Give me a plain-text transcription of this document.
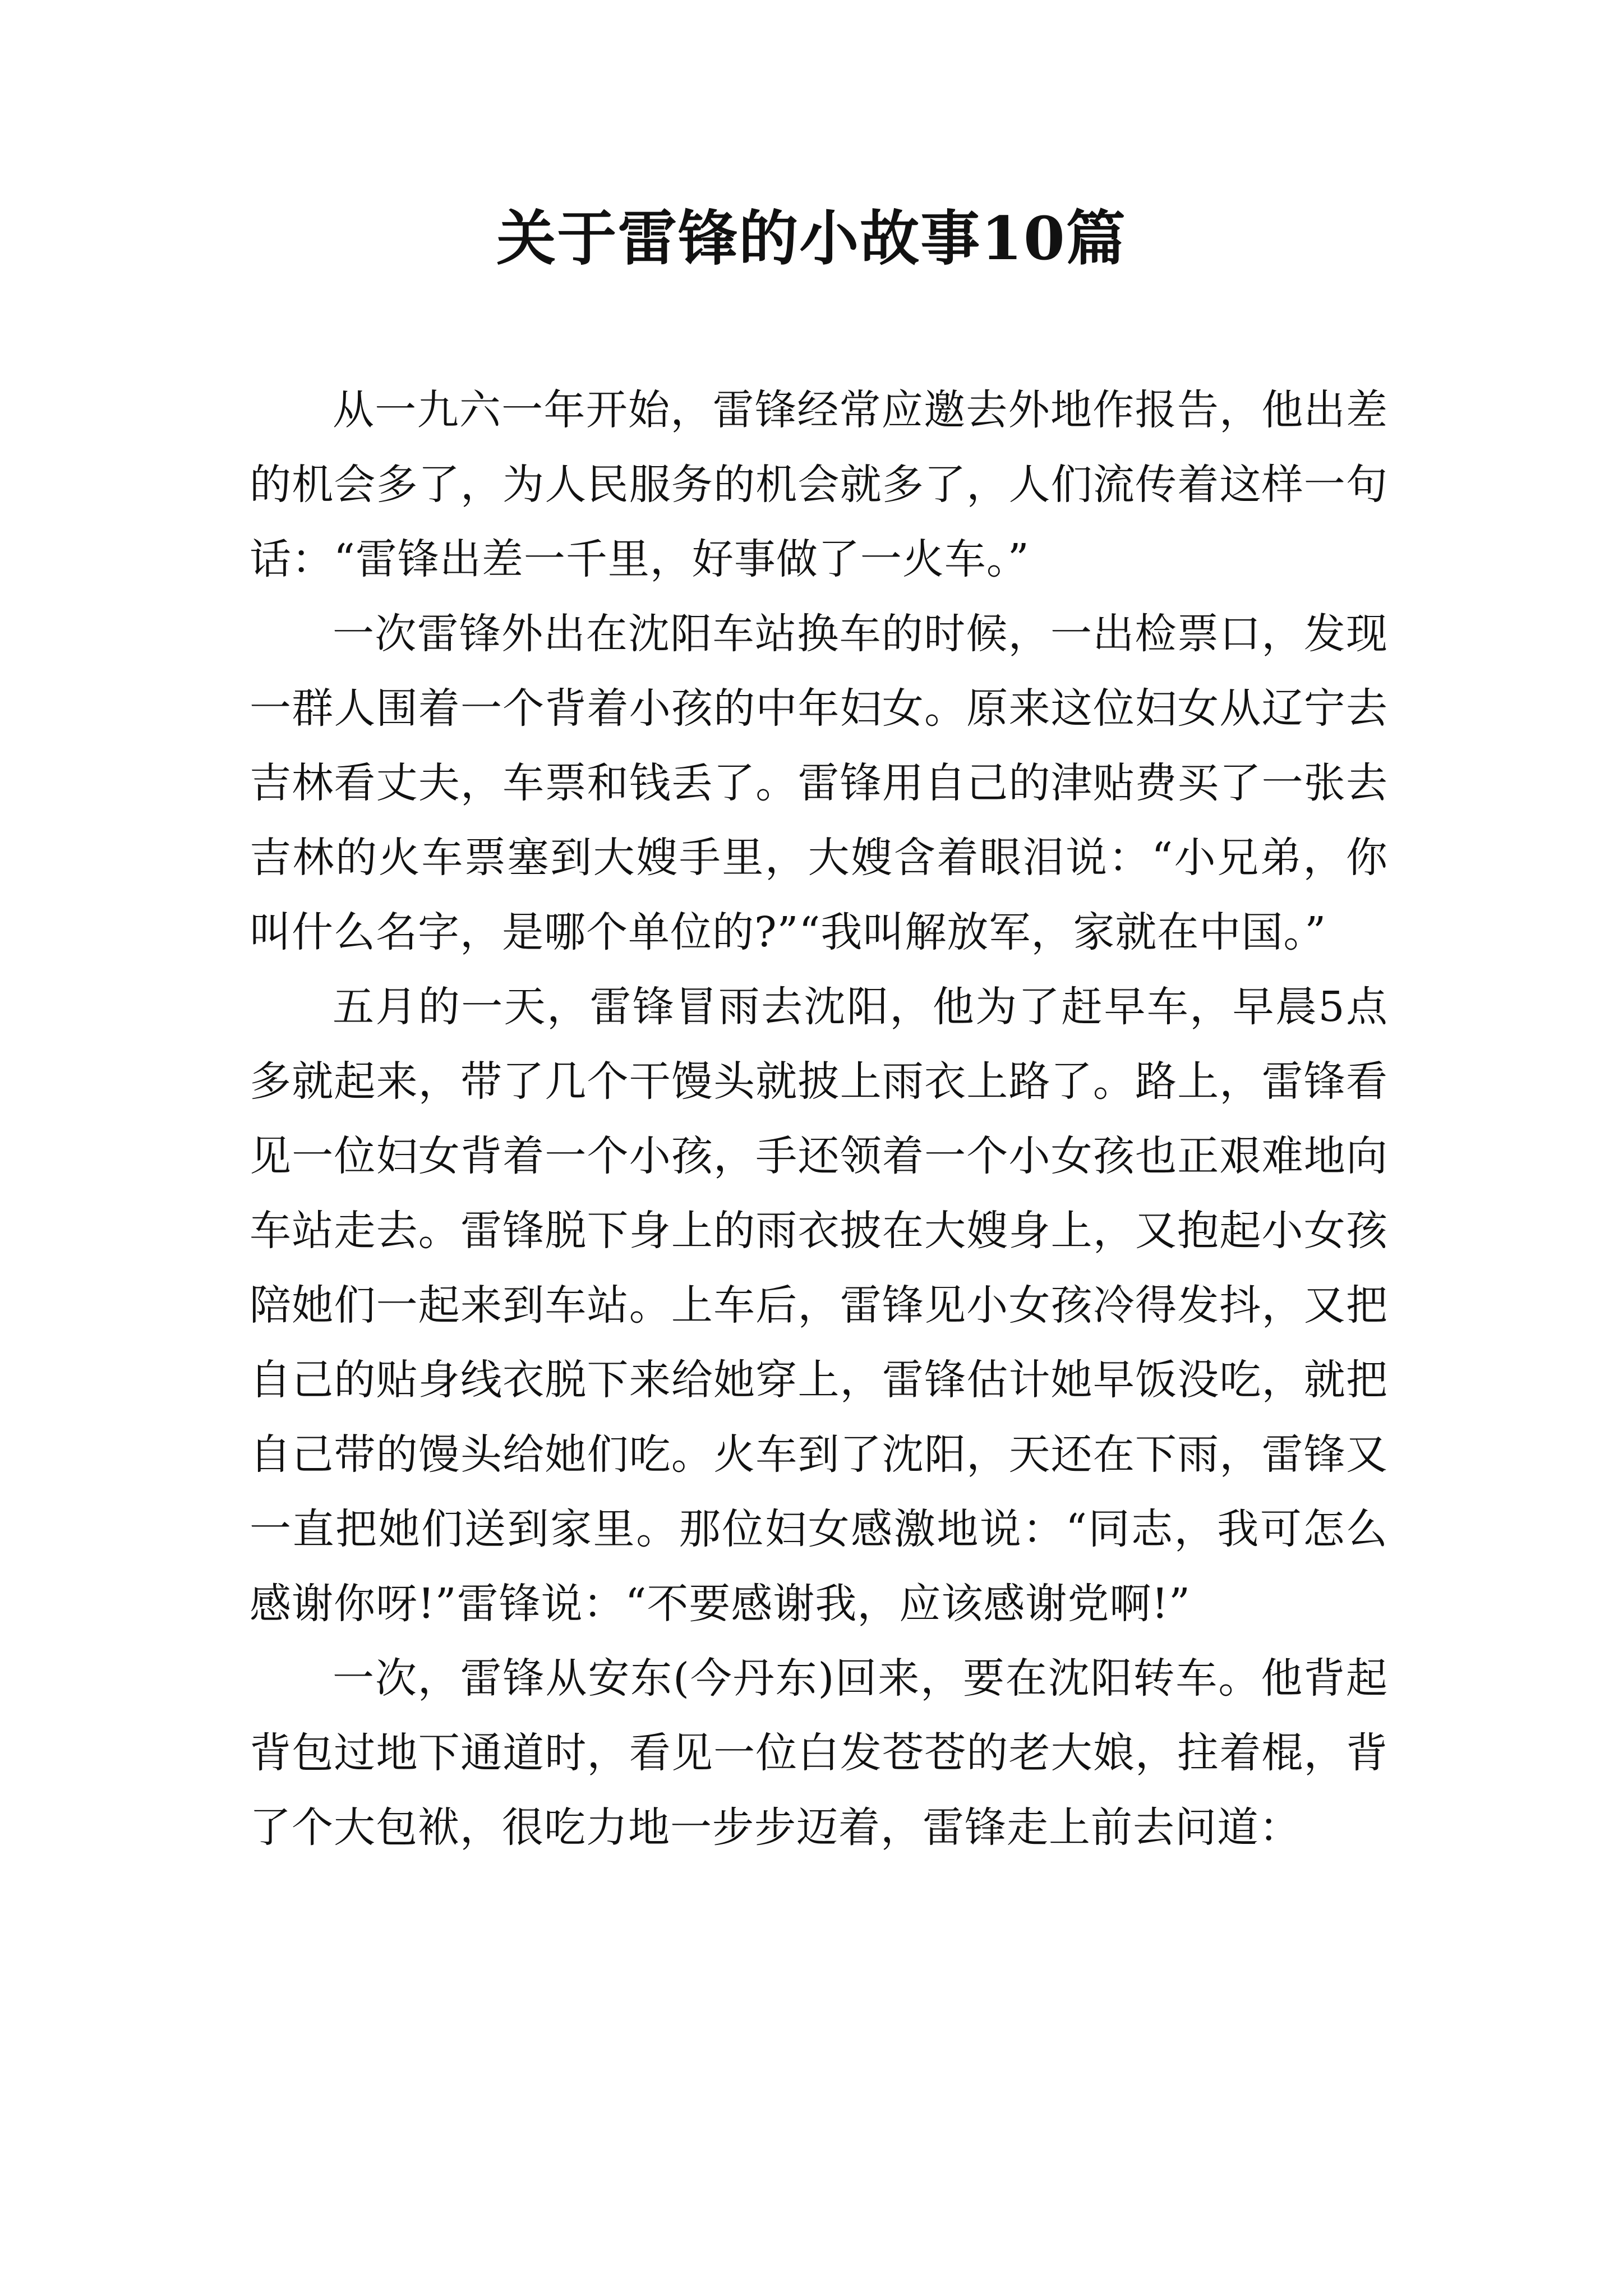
关于雷锋的小故事10篇

从一九六一年开始，雷锋经常应邀去外地作报告，他出差的机会多了，为人民服务的机会就多了，人们流传着这样一句话：“雷锋出差一千里，好事做了一火车。”

一次雷锋外出在沈阳车站换车的时候，一出检票口，发现一群人围着一个背着小孩的中年妇女。原来这位妇女从辽宁去吉林看丈夫，车票和钱丢了。雷锋用自己的津贴费买了一张去吉林的火车票塞到大嫂手里，大嫂含着眼泪说：“小兄弟，你叫什么名字，是哪个单位的?”“我叫解放军，家就在中国。”

五月的一天，雷锋冒雨去沈阳，他为了赶早车，早晨5点多就起来，带了几个干馒头就披上雨衣上路了。路上，雷锋看见一位妇女背着一个小孩，手还领着一个小女孩也正艰难地向车站走去。雷锋脱下身上的雨衣披在大嫂身上，又抱起小女孩陪她们一起来到车站。上车后，雷锋见小女孩冷得发抖，又把自己的贴身线衣脱下来给她穿上，雷锋估计她早饭没吃，就把自己带的馒头给她们吃。火车到了沈阳，天还在下雨，雷锋又一直把她们送到家里。那位妇女感激地说：“同志，我可怎么感谢你呀!”雷锋说：“不要感谢我，应该感谢党啊!”

一次，雷锋从安东(今丹东)回来，要在沈阳转车。他背起背包过地下通道时，看见一位白发苍苍的老大娘，拄着棍，背了个大包袱，很吃力地一步步迈着，雷锋走上前去问道：
